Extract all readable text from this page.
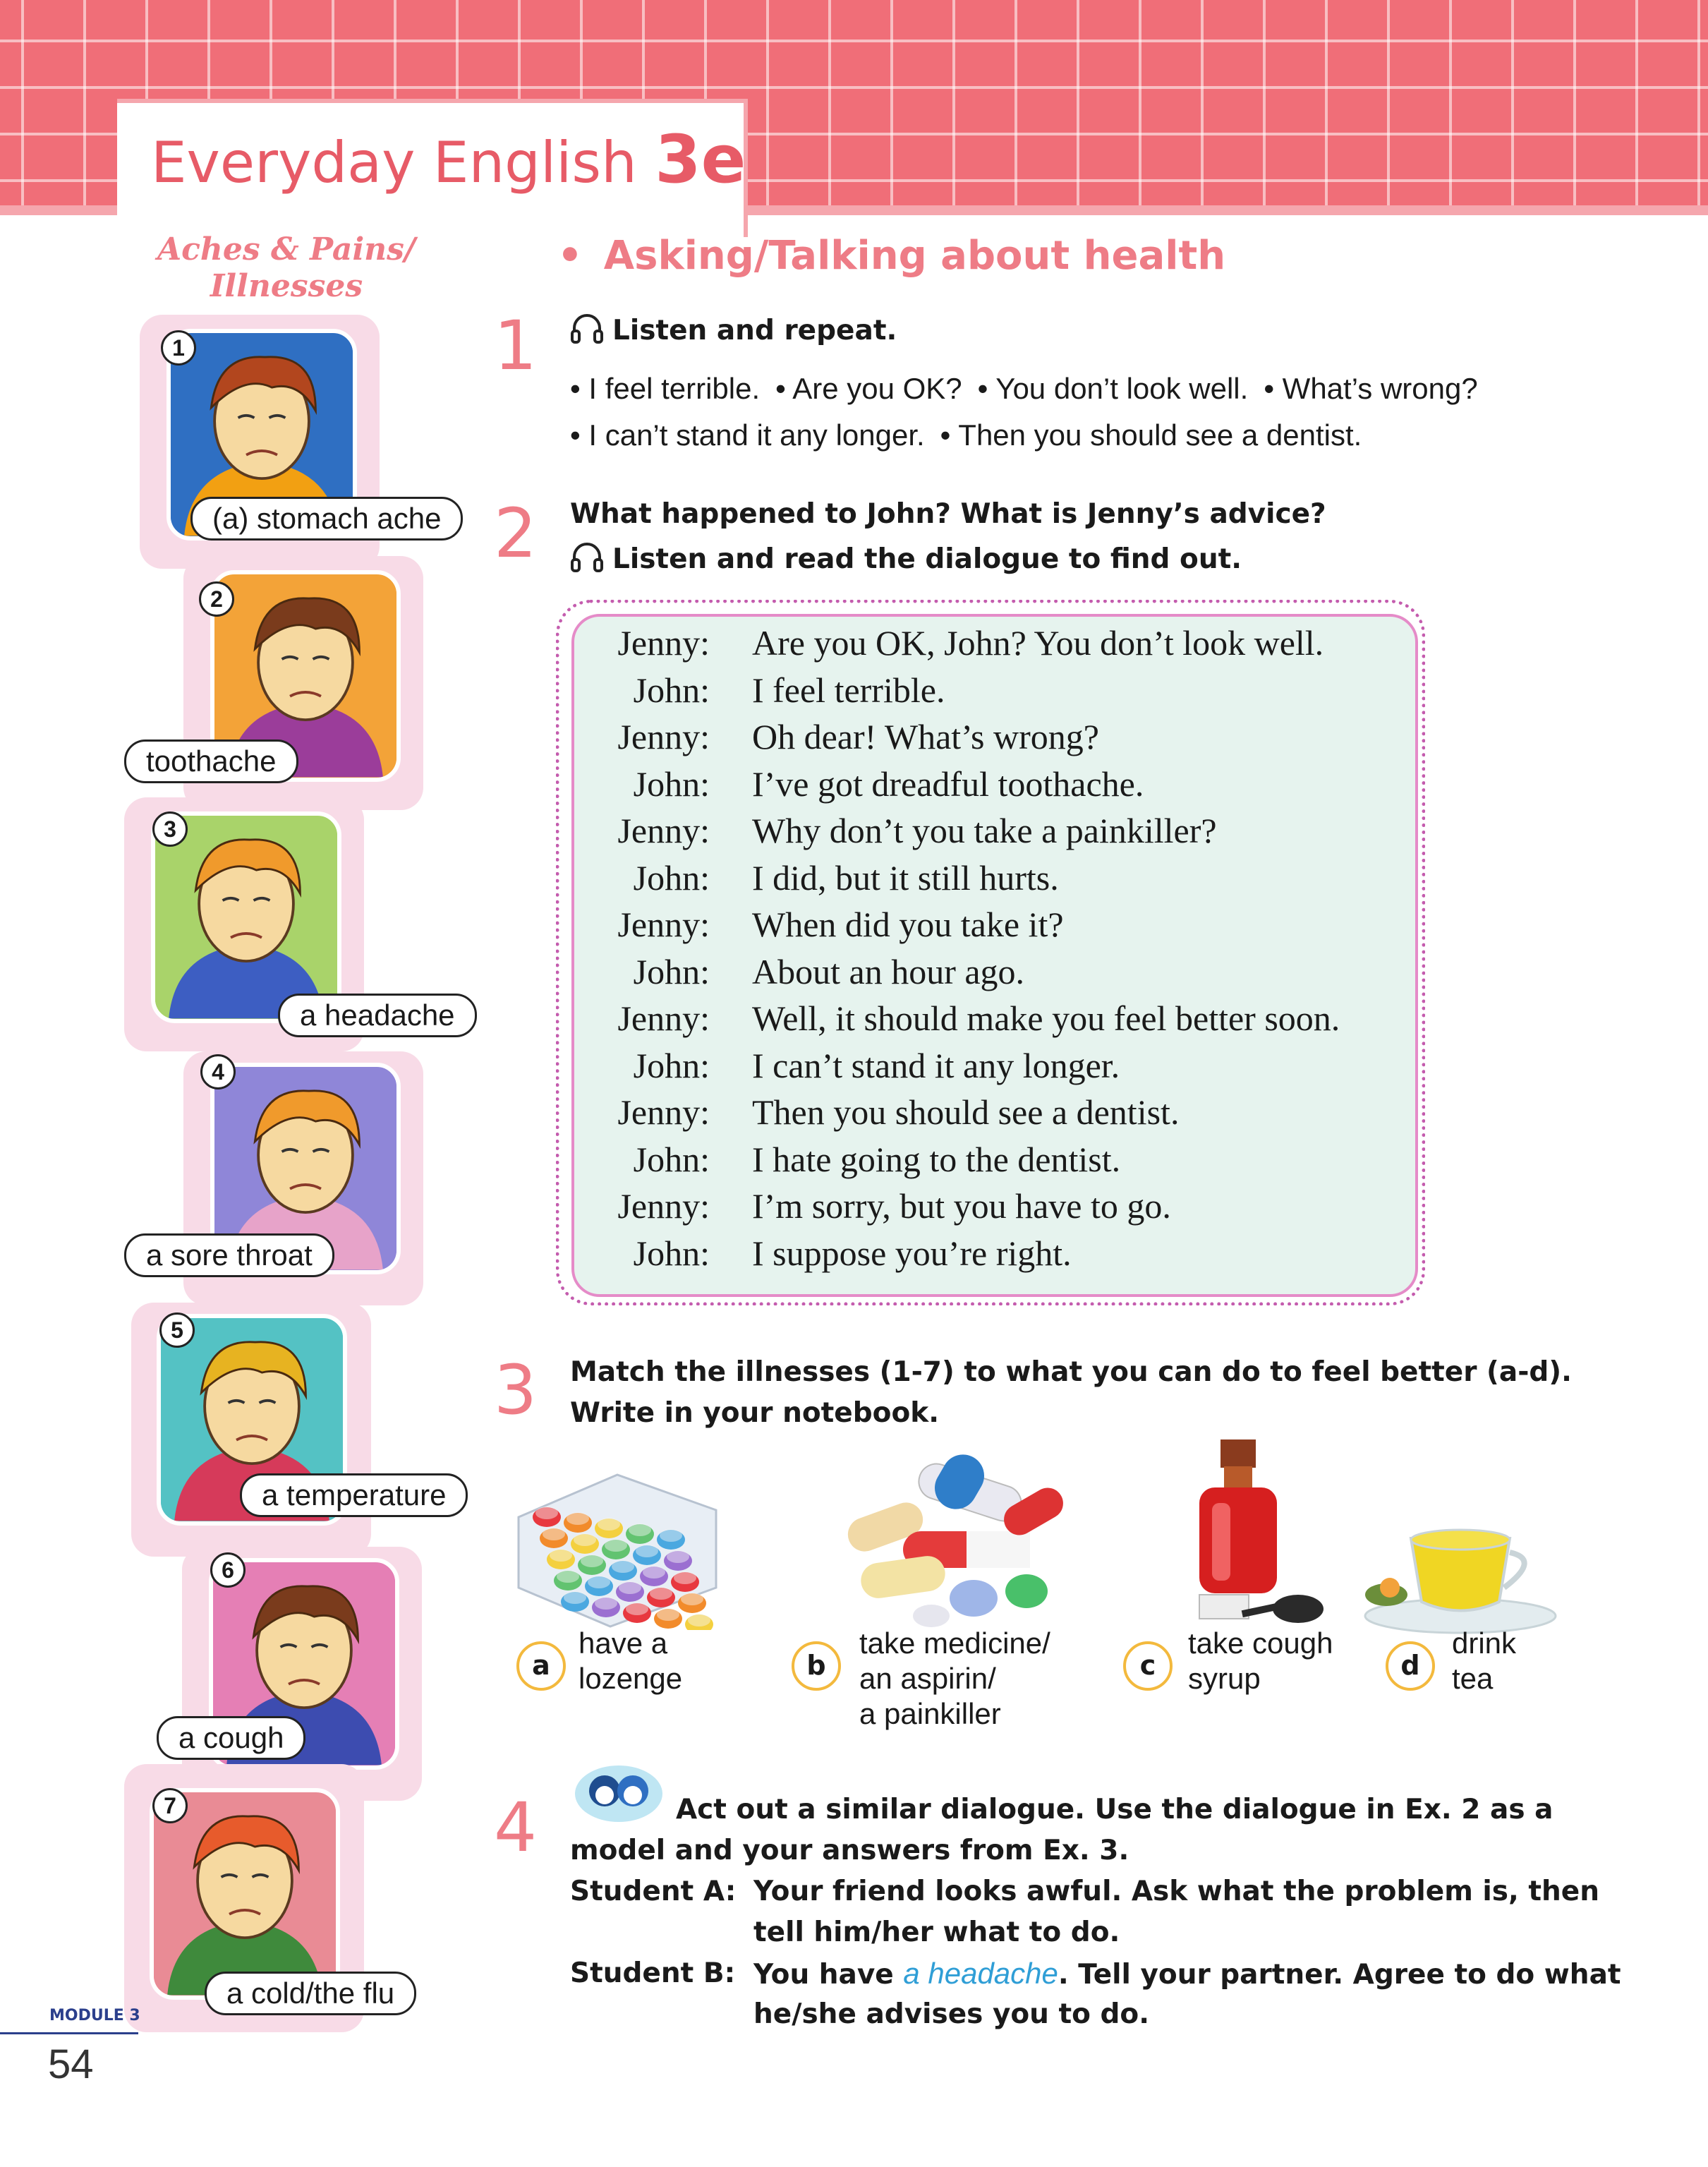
Everyday English 3e
Aches & Pains/
Illnesses
1
(a) stomach ache
2
toothache
3
a headache
4
a sore throat
5
a temperature
6
a cough
7
a cold/the flu
• Asking/Talking about health
1	Listen and repeat.
• I feel terrible. • Are you OK? • You don’t look well. • What’s wrong?
• I can’t stand it any longer. • Then you should see a dentist.
2 What happened to John? What is Jenny’s advice?
Listen and read the dialogue to find out.
Jenny: Are you OK, John? You don’t look well.
John: I feel terrible.
Jenny: Oh dear! What’s wrong?
John: I’ve got dreadful toothache.
Jenny: Why don’t you take a painkiller?
John: I did, but it still hurts.
Jenny: When did you take it?
John: About an hour ago.
Jenny: Well, it should make you feel better soon.
John: I can’t stand it any longer.
Jenny: Then you should see a dentist.
John: I hate going to the dentist.
Jenny: I’m sorry, but you have to go.
John: I suppose you’re right.
3 Match the illnesses (1-7) to what you can do to feel better (a-d).
Write in your notebook.
a
have a
lozenge	b
take medicine/
an aspirin/
a painkiller
c
take cough
syrup	d
drink
tea
4	Act out a similar dialogue. Use the dialogue in Ex. 2 as a
model and your answers from Ex. 3.
Student A: Your friend looks awful. Ask what the problem is, then
tell him/her what to do.
Student B: You have a headache. Tell your partner. Agree to do what
he/she advises you to do.
MODULE 3
54
